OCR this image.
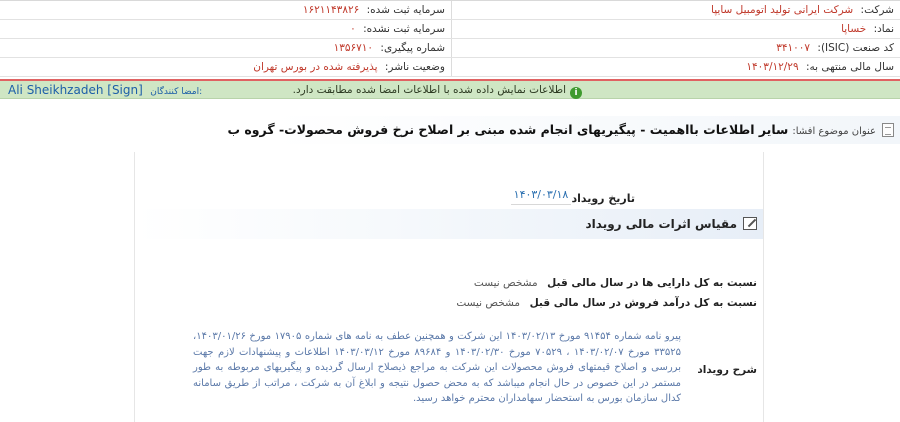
شرکت: شرکت ایرانی تولید اتومبیل سایپا
سرمایه ثبت شده: ۱۶۲۱۱۴۳۸۲۶
نماد: خساپا
سرمایه ثبت نشده: ۰
کد صنعت (ISIC): ۳۴۱۰۰۷
شماره پیگیری: ۱۳۵۶۷۱۰
سال مالی منتهی به: ۱۴۰۳/۱۲/۲۹
وضعیت ناشر: پذیرفته شده در بورس تهران
iاطلاعات نمایش داده شده با اطلاعات امضا شده مطابقت دارد.
Ali Sheikhzadeh [Sign] امضا کنندگان:
عنوان موضوع افشا:سایر اطلاعات بااهمیت - پیگیریهای انجام شده مبنی بر اصلاح نرخ فروش محصولات- گروه ب
تاریخ رویداد
۱۴۰۳/۰۳/۱۸
مقیاس اثرات مالی رویداد
نسبت به کل دارایی ها در سال مالی قبل مشخص نیست
نسبت به کل درآمد فروش در سال مالی قبل مشخص نیست
شرح رویداد
پیرو نامه شماره ۹۱۴۵۴ مورخ ۱۴۰۳/۰۲/۱۳ این شرکت و همچنین عطف به نامه های شماره ۱۷۹۰۵ مورخ ۱۴۰۳/۰۱/۲۶، ۳۳۵۲۵ مورخ ۱۴۰۳/۰۲/۰۷ ، ۷۰۵۲۹ مورخ ۱۴۰۳/۰۲/۳۰ و ۸۹۶۸۴ مورخ ۱۴۰۳/۰۳/۱۲ اطلاعات و پیشنهادات لازم جهت بررسی و اصلاح قیمتهای فروش محصولات این شرکت به مراجع ذیصلاح ارسال گردیده و پیگیریهای مربوطه به طور مستمر در این خصوص در حال انجام میباشد که به محض حصول نتیجه و ابلاغ آن به شرکت ، مراتب از طریق سامانه کدال سازمان بورس به استحضار سهامداران محترم خواهد رسید.
